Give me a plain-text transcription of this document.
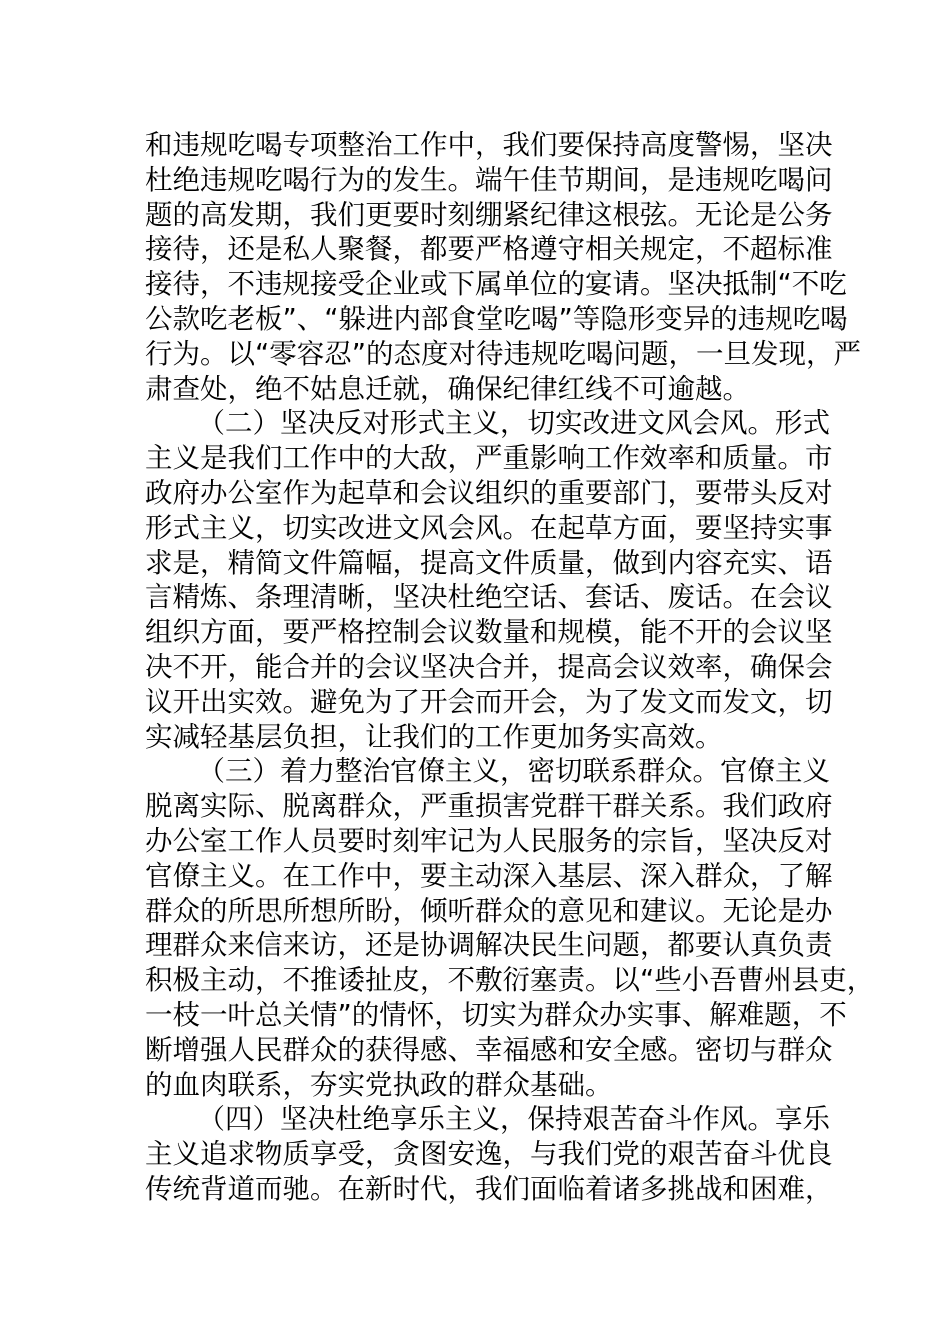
和违规吃喝专项整治工作中，我们要保持高度警惕，坚决
杜绝违规吃喝行为的发生。端午佳节期间，是违规吃喝问
题的高发期，我们更要时刻绷紧纪律这根弦。无论是公务
接待，还是私人聚餐，都要严格遵守相关规定，不超标准
接待，不违规接受企业或下属单位的宴请。坚决抵制“不吃
公款吃老板”、“躲进内部食堂吃喝”等隐形变异的违规吃喝
行为。以“零容忍”的态度对待违规吃喝问题，一旦发现，严
肃查处，绝不姑息迁就，确保纪律红线不可逾越。
（二）坚决反对形式主义，切实改进文风会风。形式
主义是我们工作中的大敌，严重影响工作效率和质量。市
政府办公室作为起草和会议组织的重要部门，要带头反对
形式主义，切实改进文风会风。在起草方面，要坚持实事
求是，精简文件篇幅，提高文件质量，做到内容充实、语
言精炼、条理清晰，坚决杜绝空话、套话、废话。在会议
组织方面，要严格控制会议数量和规模，能不开的会议坚
决不开，能合并的会议坚决合并，提高会议效率，确保会
议开出实效。避免为了开会而开会，为了发文而发文，切
实减轻基层负担，让我们的工作更加务实高效。
（三）着力整治官僚主义，密切联系群众。官僚主义
脱离实际、脱离群众，严重损害党群干群关系。我们政府
办公室工作人员要时刻牢记为人民服务的宗旨，坚决反对
官僚主义。在工作中，要主动深入基层、深入群众，了解
群众的所思所想所盼，倾听群众的意见和建议。无论是办
理群众来信来访，还是协调解决民生问题，都要认真负责
积极主动，不推诿扯皮，不敷衍塞责。以“些小吾曹州县吏，
一枝一叶总关情”的情怀，切实为群众办实事、解难题，不
断增强人民群众的获得感、幸福感和安全感。密切与群众
的血肉联系，夯实党执政的群众基础。
（四）坚决杜绝享乐主义，保持艰苦奋斗作风。享乐
主义追求物质享受，贪图安逸，与我们党的艰苦奋斗优良
传统背道而驰。在新时代，我们面临着诸多挑战和困难，
